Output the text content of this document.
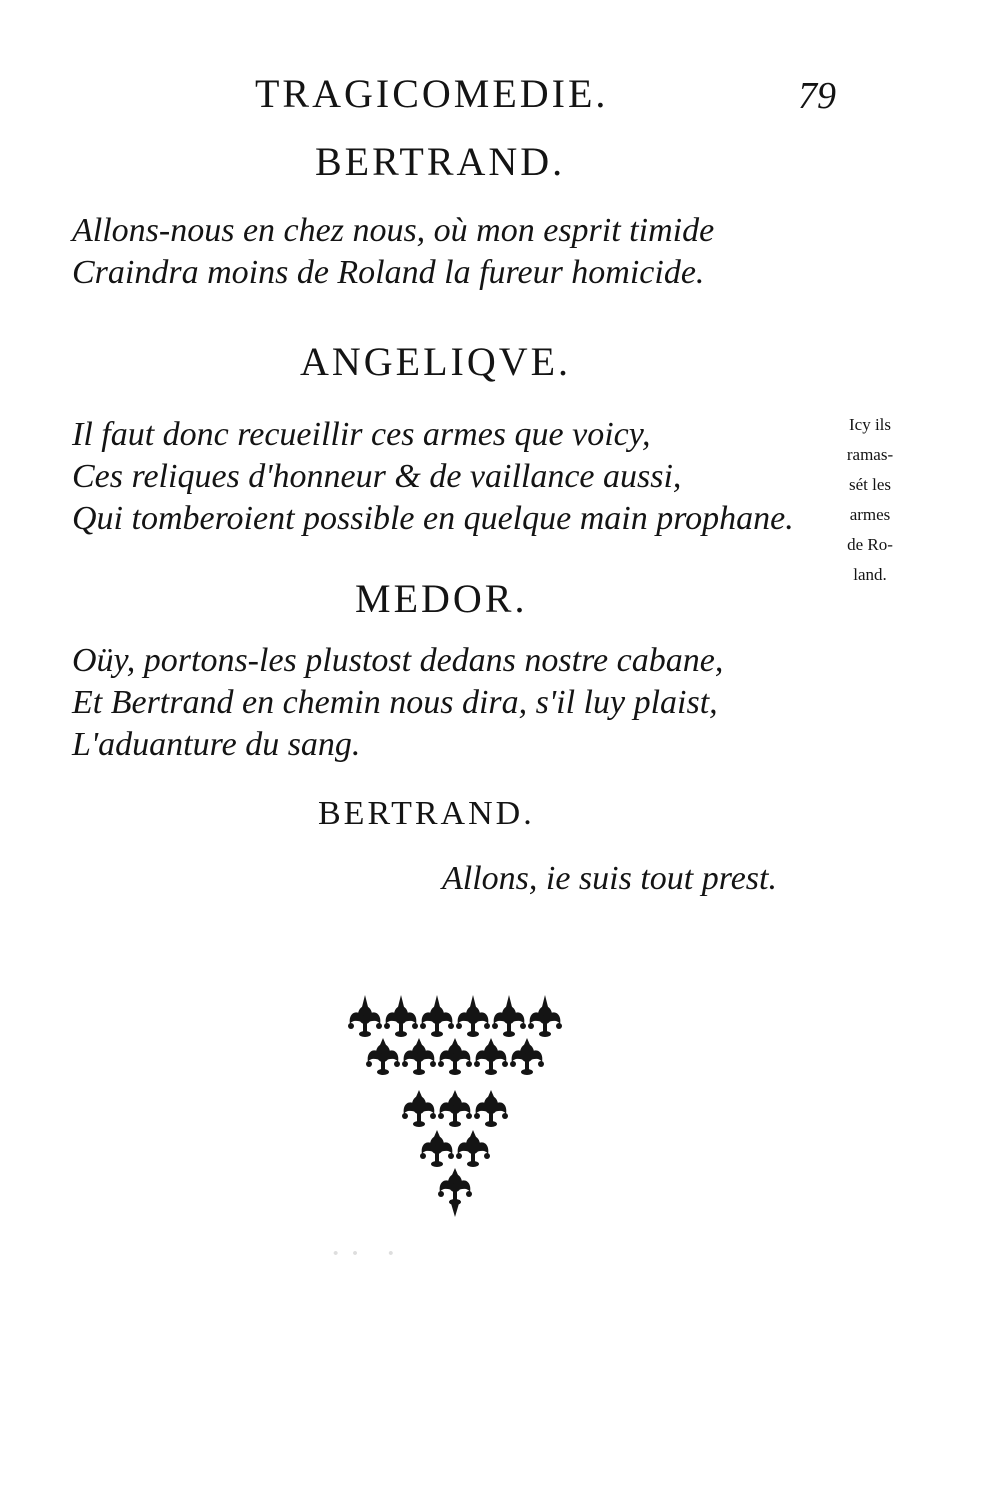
TRAGICOMEDIE.	79
BERTRAND.
Allons-nous en chez nous, où mon esprit timide
Craindra moins de Roland la fureur homicide.
ANGELIQVE.
Il faut donc recueillir ces armes que voicy,
Ces reliques d'honneur & de vaillance aussi,
Qui tomberoient possible en quelque main prophane.
Icy ils
ramas-
sét les
armes
de Ro-
land.
MEDOR.
Oüy, portons-les plustost dedans nostre cabane,
Et Bertrand en chemin nous dira, s'il luy plaist,
L'aduanture du sang.
BERTRAND.
Allons, ie suis tout prest.
·· ·
